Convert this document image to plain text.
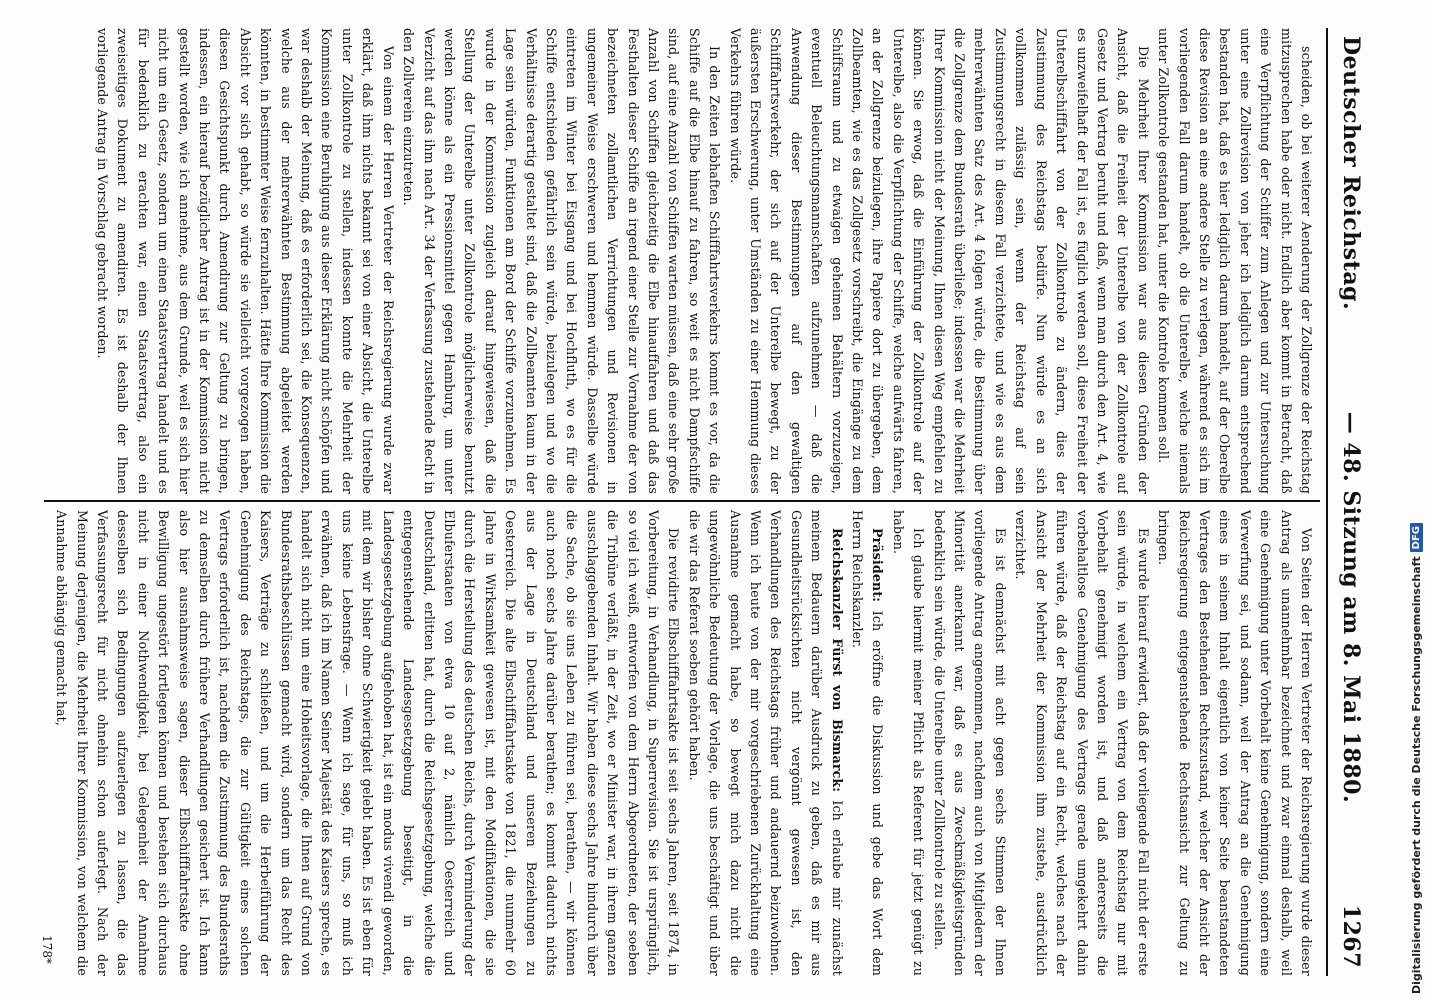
Deutscher Reichstag.
— 48. Sitzung am 8. Mai 1880.
1267

scheiden, ob bei weiterer Aenderung der Zollgrenze der Reichstag mitzusprechen habe oder nicht. Endlich aber kommt in Betracht, daß eine Verpflichtung der Schiffer zum Anlegen und zur Untersuchung unter eine Zollrevision von jeher ich lediglich darum entsprechend bestanden hat, daß es hier lediglich darum handelt, auf der Oberelbe diese Revision an eine andere Stelle zu verlegen, während es sich im vorliegenden Fall darum handelt, ob die Unterelbe, welche niemals unter Zollkontrole gestanden hat, unter die Kontrole kommen soll.

Die Mehrheit Ihrer Kommission war aus diesen Gründen der Ansicht, daß die Freiheit der Unterelbe von der Zollkontrole auf Gesetz und Vertrag beruht und daß, wenn man durch den Art. 4, wie es unzweifelhaft der Fall ist, es füglich werden soll, diese Freiheit der Unterelbschifffahrt von der Zollkontrole zu ändern, dies der Zustimmung des Reichstags bedürfe. Nun würde es an sich vollkommen zulässig sein, wenn der Reichstag auf sein Zustimmungsrecht in diesem Fall verzichtete, und wie es aus dem mehrerwähnten Satz des Art. 4 folgen würde, die Bestimmung über die Zollgrenze dem Bundesrath überließe; indessen war die Mehrheit Ihrer Kommission nicht der Meinung, Ihnen diesen Weg empfehlen zu können. Sie erwog, daß die Einführung der Zollkontrole auf der Unterelbe, also die Verpflichtung der Schiffe, welche aufwärts fahren, an der Zollgrenze beizulegen, ihre Papiere dort zu übergeben, dem Zollbeamten, wie es das Zollgesetz vorschreibt, die Eingänge zu dem Schiffsraum und zu etwaigen geheimen Behältern vorzuzeigen, eventuell Beleuchtungsmannschaften aufzunehmen — daß die Anwendung dieser Bestimmungen auf den gewaltigen Schifffahrtsverkehr, der sich auf der Unterelbe bewegt, zu der äußersten Erschwerung, unter Umständen zu einer Hemmung dieses Verkehrs führen würde.

In den Zeiten lebhaften Schifffahrtsverkehrs kommt es vor, da die Schiffe auf die Elbe hinauf zu fahren, so weit es nicht Dampfschiffe sind, auf eine Anzahl von Schiffen warten müssen, daß eine sehr große Anzahl von Schiffen gleichzeitig die Elbe hinauffahren und daß das Festhalten dieser Schiffe an irgend einer Stelle zur Vornahme der von bezeichneten zollamtlichen Verrichtungen und Revisionen in ungemeiner Weise erschweren und hemmen würde. Dasselbe würde eintreten im Winter bei Eisgang und bei Hochfluth, wo es für die Schiffe entschieden gefährlich sein würde, beizulegen und wo die Verhältnisse derartig gestaltet sind, daß die Zollbeamten kaum in der Lage sein würden, Funktionen am Bord der Schiffe vorzunehmen. Es wurde in der Kommission zugleich darauf hingewiesen, daß die Stellung der Unterelbe unter Zollkontrole möglicherweise benutzt werden könne als ein Pressionsmittel gegen Hamburg, um unter Verzicht auf das ihm nach Art. 34 der Verfassung zustehende Recht in den Zollverein einzutreten.

Von einem der Herren Vertreter der Reichsregierung wurde zwar erklärt, daß ihm nichts bekannt sei von einer Absicht, die Unterelbe unter Zollkontrole zu stellen, indessen konnte die Mehrheit der Kommission eine Beruhigung aus dieser Erklärung nicht schöpfen und war deshalb der Meinung, daß es erforderlich sei, die Konsequenzen, welche aus der mehrerwähnten Bestimmung abgeleitet werden könnten, in bestimmter Weise fernzuhalten. Hätte Ihre Kommission die Absicht vor sich gehabt, so würde sie vielleicht vorgezogen haben, diesen Gesichtspunkt durch Amendirung zur Geltung zu bringen, indessen, ein hierauf bezüglicher Antrag ist in der Kommission nicht gestellt worden, wie ich annehme, aus dem Grunde, weil es sich hier nicht um ein Gesetz, sondern um einen Staatsvertrag handelt und es für bedenklich zu erachten war, einen Staatsvertrag, also ein zweiseitiges Dokument zu amendiren. Es ist deshalb der Ihnen vorliegende Antrag in Vorschlag gebracht worden.

Von Seiten der Herren Vertreter der Reichsregierung wurde dieser Antrag als unannehmbar bezeichnet und zwar einmal deshalb, weil eine Genehmigung unter Vorbehalt keine Genehmigung, sondern eine Verwerfung sei, und sodann, weil der Antrag an die Genehmigung eines in seinem Inhalt eigentlich von keiner Seite beanstandeten Vertrages den Bestehenden Rechtszustand, welcher der Ansicht der Reichsregierung entgegenstehende Rechtsansicht zur Geltung zu bringen.

Es wurde hierauf erwidert, daß der vorliegende Fall nicht der erste sein würde, in welchem ein Vertrag von dem Reichstag nur mit Vorbehalt genehmigt worden ist, und daß andererseits die vorbehaltlose Genehmigung des Vertrags gerade umgekehrt dahin führen würde, daß der Reichstag auf ein Recht, welches nach der Ansicht der Mehrheit der Kommission ihm zustehe, ausdrücklich verzichtet.

Es ist demnächst mit acht gegen sechs Stimmen der Ihnen vorliegende Antrag angenommen, nachdem auch von Mitgliedern der Minorität anerkannt war, daß es aus Zweckmäßigkeitsgründen bedenklich sein würde, die Unterelbe unter Zollkontrole zu stellen.

Ich glaube hiermit meiner Pflicht als Referent für jetzt genügt zu haben.

Präsident: Ich eröffne die Diskussion und gebe das Wort dem Herrn Reichskanzler.

Reichskanzler Fürst von Bismarck: Ich erlaube mir zunächst meinem Bedauern darüber Ausdruck zu geben, daß es mir aus Gesundheitsrücksichten nicht vergönnt gewesen ist, den Verhandlungen des Reichstags früher und andauernd beizuwohnen. Wenn ich heute von der mir vorgeschriebenen Zurückhaltung eine Ausnahme gemacht habe, so bewegt mich dazu nicht die ungewöhnliche Bedeutung der Vorlage, die uns beschäftigt und über die wir das Referat soeben gehört haben.

Die revidirte Elbschifffahrtsakte ist seit sechs Jahren, seit 1874, in Vorbereitung, in Verhandlung, in Superrevision. Sie ist ursprünglich, so viel ich weiß, entworfen von dem Herrn Abgeordneten, der soeben die Tribüne verläßt, in der Zeit, wo er Minister war, in ihrem ganzen ausschlaggebenden Inhalt. Wir haben diese sechs Jahre hindurch über die Sache, ob sie uns Leben zu führen sei, berathen, — wir können auch noch sechs Jahre darüber berathen; es kommt dadurch nichts aus der Lage in Deutschland und unseren Beziehungen zu Oesterreich. Die alte Elbschifffahrtsakte von 1821, die nunmehr 60 Jahre in Wirksamkeit gewesen ist, mit den Modifikationen, die sie durch die Herstellung des deutschen Reichs, durch Verminderung der Elbuferstaaten von etwa 10 auf 2, nämlich Oesterreich und Deutschland, erlitten hat, durch die Reichsgesetzgebung, welche die entgegenstehende Landesgesetzgebung beseitigt, in die Landesgesetzgebung aufgehoben hat, ist ein modus vivendi geworden, mit dem wir bisher ohne Schwierigkeit gelebt haben. Es ist eben für uns keine Lebensfrage. — Wenn ich sage, für uns, so muß ich erwähnen, daß ich im Namen Seiner Majestät des Kaisers spreche, es handelt sich nicht um eine Hoheitsvorlage, die Ihnen auf Grund von Bundesrathsbeschlüssen gemacht wird, sondern um das Recht des Kaisers, Verträge zu schließen, und um die Herbeiführung der Genehmigung des Reichstags, die zur Gültigkeit eines solchen Vertrags erforderlich ist, nachdem die Zustimmung des Bundesraths zu demselben durch frühere Verhandlungen gesichert ist. Ich kann also hier ausnahmsweise sagen, dieser Elbschifffahrtsakte ohne Bewilligung ungestört fortlegen können und bestehen sich durchaus nicht in einer Nothwendigkeit, bei Gelegenheit der Annahme desselben sich Bedingungen aufzuerlegen zu lassen, die das Verfassungsrecht für nicht ohnehin schon auferlegt. Nach der Meinung derjenigen, die Mehrheit Ihrer Kommission, von welchem die Annahme abhängig gemacht hat,

178*	Digitalisierung gefördert durch die Deutsche Forschungsgemeinschaft
DFG
